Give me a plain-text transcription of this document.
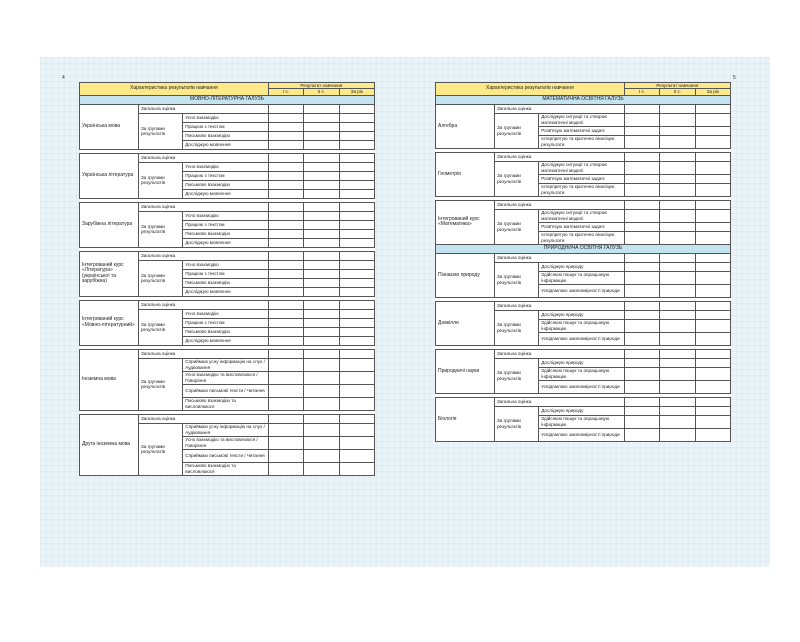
4	5
Характеристика результатів навчання			Результат навчання		
			І с.	ІІ с.	За рік
МОВНО-ЛІТЕРАТУРНА ГАЛУЗЬ					
Українська мова	Загальна оцінка				
	За групами результатів	Усно взаємодію			
		Працюю з текстом			
		Письмово взаємодію			
		Досліджую мовлення			

Українська література	Загальна оцінка				
	За групами результатів	Усно взаємодію			
		Працюю з текстом			
		Письмово взаємодію			
		Досліджую мовлення			

Зарубіжна література	Загальна оцінка				
	За групами результатів	Усно взаємодію			
		Працюю з текстом			
		Письмово взаємодію			
		Досліджую мовлення			

Інтегрований курс «Література» (української та зарубіжна)	Загальна оцінка				
	За групами результатів	Усно взаємодію			
		Працюю з текстом			
		Письмово взаємодію			
		Досліджую мовлення			

Інтегрований курс «Мовно-літературний»	Загальна оцінка				
	За групами результатів	Усно взаємодію			
		Працюю з текстом			
		Письмово взаємодію			
		Досліджую мовлення			

Іноземна мова	Загальна оцінка				
	За групами результатів	Сприймаю усну інформацію на слух / Аудіювання			
		Усно взаємодію та висловлююся / Говоріння			
		Сприймаю письмові тексти / Читання			
		Письмово взаємодію та висловлююся			

Друга іноземна мова	Загальна оцінка				
	За групами результатів	Сприймаю усну інформацію на слух / Аудіювання			
		Усно взаємодію та висловлююся / Говоріння			
		Сприймаю письмові тексти / Читання			
		Письмово взаємодію та висловлююся			
Характеристика результатів навчання			Результат навчання		
			І с.	ІІ с.	За рік
МАТЕМАТИЧНА ОСВІТНЯ ГАЛУЗЬ					
Алгебра	Загальна оцінка				
	За групами результатів	Досліджую ситуації та створює математичні моделі			
		Розв'язую математичні задачі			
		Інтерпретую та критично аналізую результати			

Геометрія	Загальна оцінка				
	За групами результатів	Досліджую ситуації та створює математичні моделі			
		Розв'язую математичні задачі			
		Інтерпретую та критично аналізую результати			

Інтегрований курс «Математика»	Загальна оцінка				
	За групами результатів	Досліджую ситуації та створює математичні моделі			
		Розв'язую математичні задачі			
		Інтерпретую та критично аналізую результати			
ПРИРОДНИЧА ОСВІТНЯ ГАЛУЗЬ					
Пізнаємо природу	Загальна оцінка				
	За групами результатів	Досліджую природу			
		Здійснюю пошук та опрацьовую інформацію			
		Усвідомлюю закономірності природи			

Довкілля	Загальна оцінка				
	За групами результатів	Досліджую природу			
		Здійснюю пошук та опрацьовую інформацію			
		Усвідомлюю закономірності природи			

Природничі науки	Загальна оцінка				
	За групами результатів	Досліджую природу			
		Здійснюю пошук та опрацьовую інформацію			
		Усвідомлюю закономірності природи			

Біологія	Загальна оцінка				
	За групами результатів	Досліджую природу			
		Здійснюю пошук та опрацьовую інформацію			
		Усвідомлюю закономірності природи			
